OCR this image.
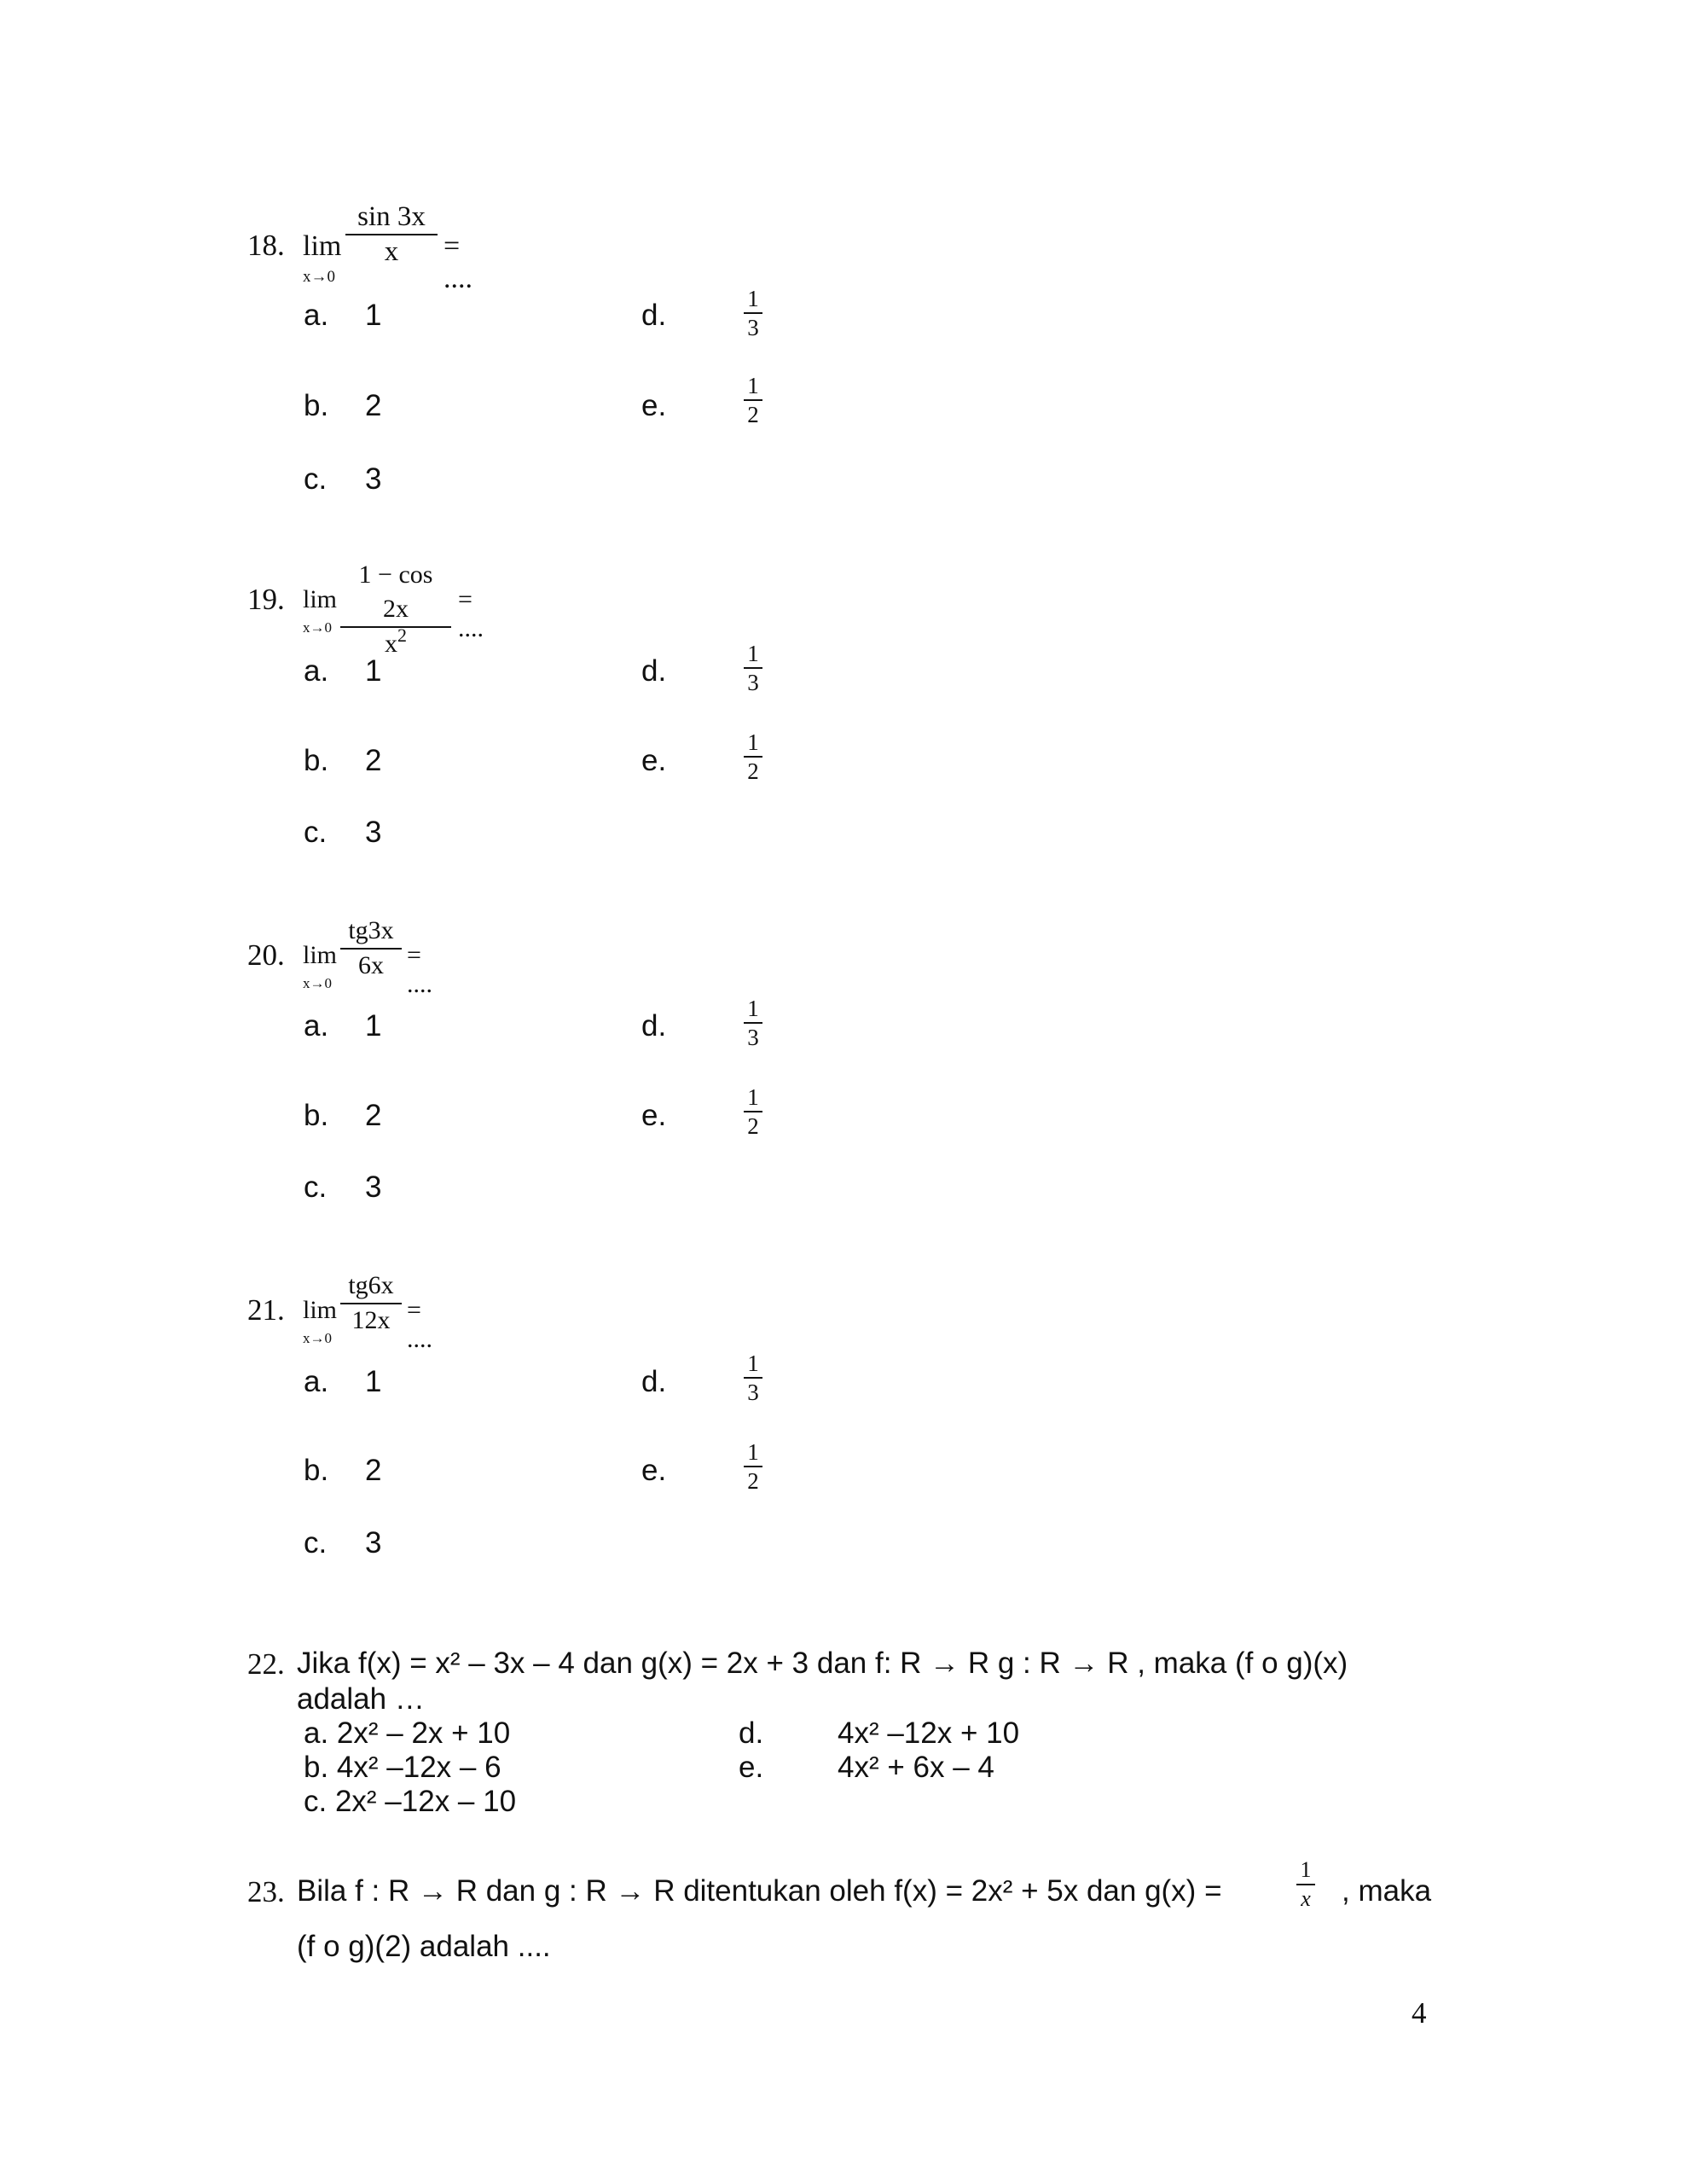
18. lim
x→0
sin 3x
x	= ....
a. 1
b. 2
c. 3
d.	1
3
e.
1
2
19. lim
x→0
1 − cos 2x
$x^2$
= ....
a. 1
b. 2
c. 3
d.
1
3
e.
1
2
20. lim
x→0
tg3x
6x = ....
a. 1
b. 2
c. 3
d.
1
3
e.
1
2
21. lim
x→0
tg6x
12x = ....
a. 1
b. 2
c. 3
d.
1
3
e.
1
2
22. Jika f(x) = x² – 3x – 4 dan g(x) = 2x + 3 dan f: R → R g : R → R , maka (f o g)(x)
adalah …
a. 2x² – 2x + 10
b. 4x² –12x – 6
c. 2x² –12x – 10
d. 4x² –12x + 10
e. 4x² + 6x – 4
23. Bila f : R → R dan g : R → R ditentukan oleh f(x) = 2x² + 5x dan g(x) =
1
x , maka
(f o g)(2) adalah ....
4
